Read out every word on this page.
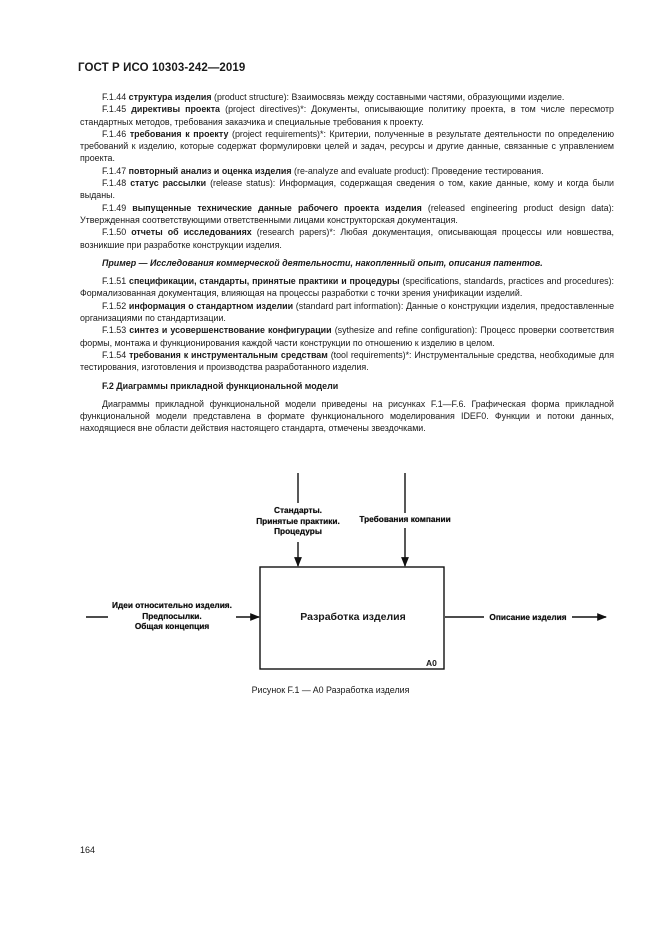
ГОСТ Р ИСО 10303-242—2019

F.1.44 структура изделия (product structure): Взаимосвязь между составными частями, образующими изделие.

F.1.45 директивы проекта (project directives)*: Документы, описывающие политику проекта, в том числе пересмотр стандартных методов, требования заказчика и специальные требования к проекту.

F.1.46 требования к проекту (project requirements)*: Критерии, полученные в результате деятельности по определению требований к изделию, которые содержат формулировки целей и задач, ресурсы и другие данные, связанные с управлением проекта.

F.1.47 повторный анализ и оценка изделия (re-analyze and evaluate product): Проведение тестирования.

F.1.48 статус рассылки (release status): Информация, содержащая сведения о том, какие данные, кому и когда были выданы.

F.1.49 выпущенные технические данные рабочего проекта изделия (released engineering product design data): Утвержденная соответствующими ответственными лицами конструкторская документация.

F.1.50 отчеты об исследованиях (research papers)*: Любая документация, описывающая процессы или новшества, возникшие при разработке конструкции изделия.

Пример — Исследования коммерческой деятельности, накопленный опыт, описания патентов.

F.1.51 спецификации, стандарты, принятые практики и процедуры (specifications, standards, practices and procedures): Формализованная документация, влияющая на процессы разработки с точки зрения унификации изделий.

F.1.52 информация о стандартном изделии (standard part information): Данные о конструкции изделия, предоставленные организациями по стандартизации.

F.1.53 синтез и усовершенствование конфигурации (sythesize and refine configuration): Процесс проверки соответствия формы, монтажа и функционирования каждой части конструкции по отношению к изделию в целом.

F.1.54 требования к инструментальным средствам (tool requirements)*: Инструментальные средства, необходимые для тестирования, изготовления и производства разработанного изделия.

F.2 Диаграммы прикладной функциональной модели

Диаграммы прикладной функциональной модели приведены на рисунках F.1—F.6. Графическая форма прикладной функциональной модели представлена в формате функционального моделирования IDEF0. Функции и потоки данных, находящиеся вне области действия настоящего стандарта, отмечены звездочками.

Стандарты.
Принятые практики.
Процедуры
Требования компании
Идеи относительно изделия.
Предпосылки.
Общая концепция
Описание изделия
Разработка изделия
A0
Рисунок F.1 — A0 Разработка изделия
164
